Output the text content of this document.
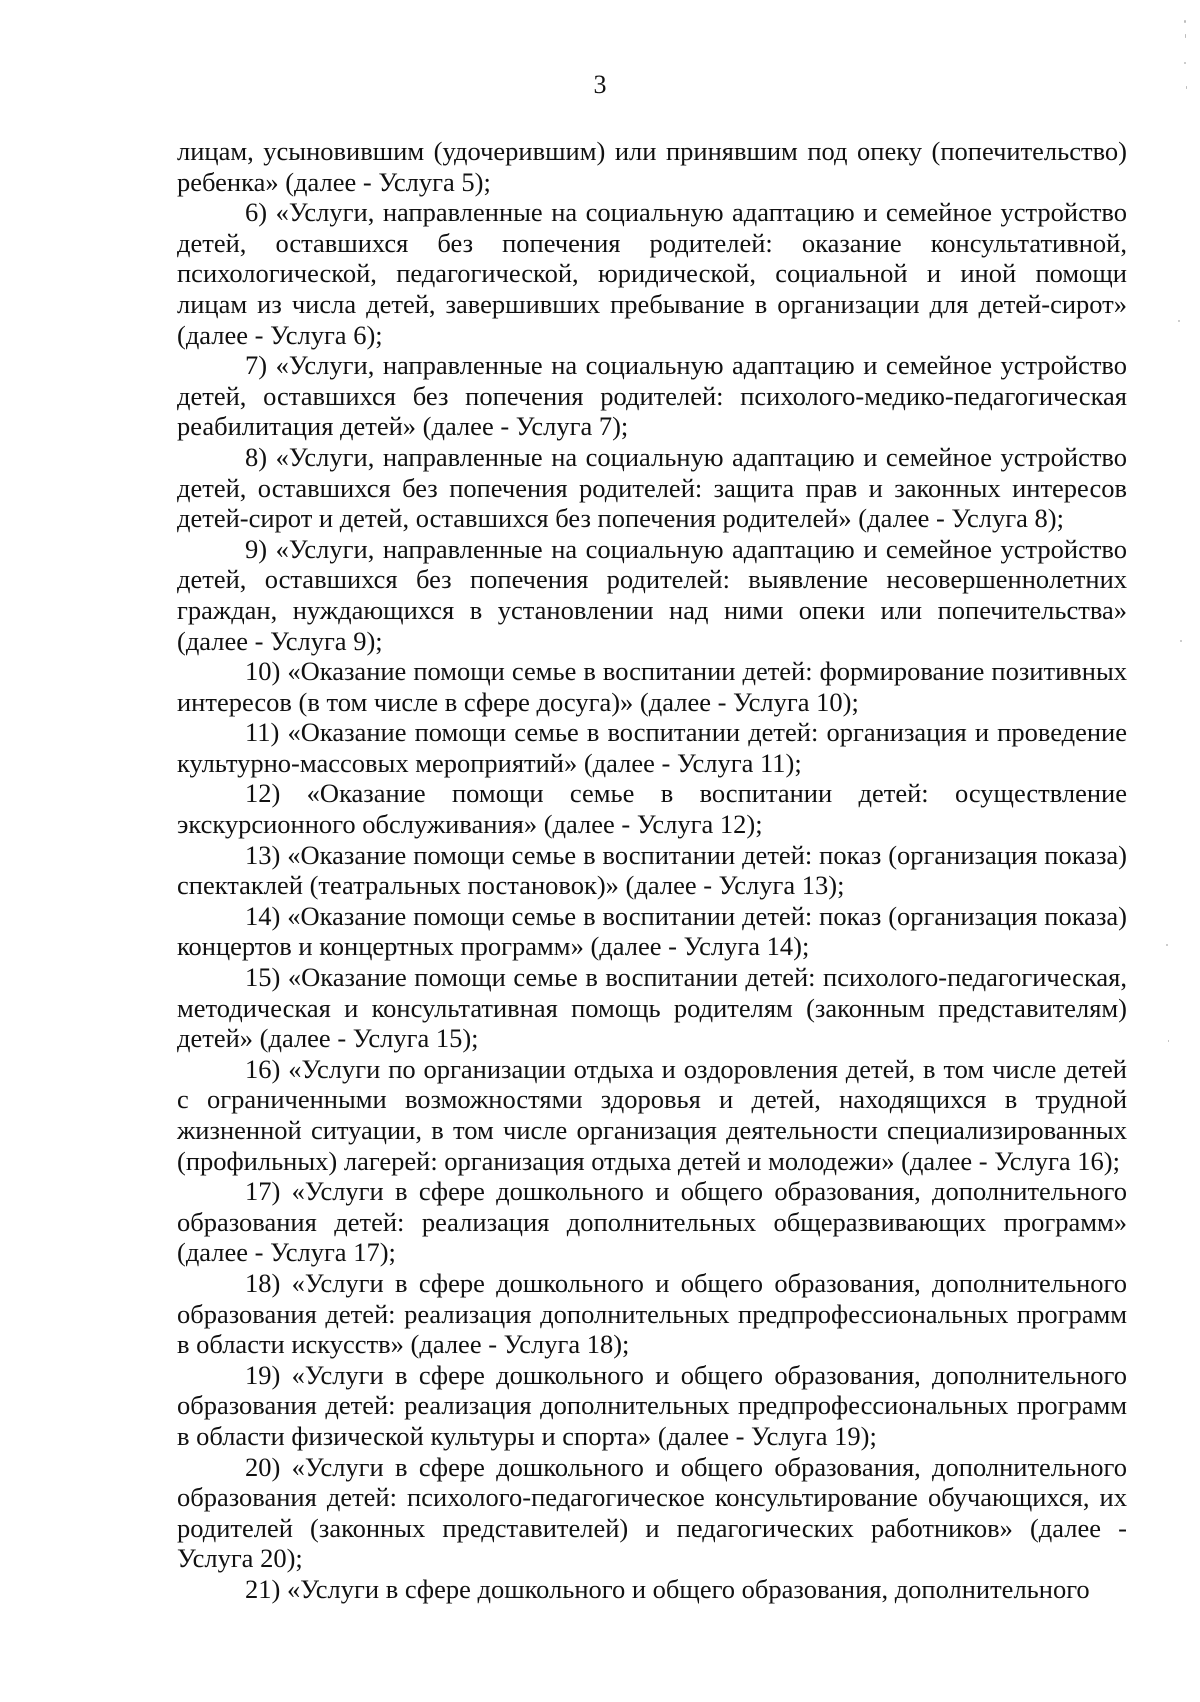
3

лицам, усыновившим (удочерившим) или принявшим под опеку (попечительство) ребенка» (далее - Услуга 5);

6) «Услуги, направленные на социальную адаптацию и семейное устройство детей, оставшихся без попечения родителей: оказание консультативной, психологической, педагогической, юридической, социальной и иной помощи лицам из числа детей, завершивших пребывание в организации для детей-сирот» (далее - Услуга 6);

7) «Услуги, направленные на социальную адаптацию и семейное устройство детей, оставшихся без попечения родителей: психолого-медико-педагогическая реабилитация детей» (далее - Услуга 7);

8) «Услуги, направленные на социальную адаптацию и семейное устройство детей, оставшихся без попечения родителей: защита прав и законных интересов детей-сирот и детей, оставшихся без попечения родителей» (далее - Услуга 8);

9) «Услуги, направленные на социальную адаптацию и семейное устройство детей, оставшихся без попечения родителей: выявление несовершеннолетних граждан, нуждающихся в установлении над ними опеки или попечительства» (далее - Услуга 9);

10) «Оказание помощи семье в воспитании детей: формирование позитивных интересов (в том числе в сфере досуга)» (далее - Услуга 10);

11) «Оказание помощи семье в воспитании детей: организация и проведение культурно-массовых мероприятий» (далее - Услуга 11);

12) «Оказание помощи семье в воспитании детей: осуществление экскурсионного обслуживания» (далее - Услуга 12);

13) «Оказание помощи семье в воспитании детей: показ (организация показа) спектаклей (театральных постановок)» (далее - Услуга 13);

14) «Оказание помощи семье в воспитании детей: показ (организация показа) концертов и концертных программ» (далее - Услуга 14);

15) «Оказание помощи семье в воспитании детей: психолого-педагогическая, методическая и консультативная помощь родителям (законным представителям) детей» (далее - Услуга 15);

16) «Услуги по организации отдыха и оздоровления детей, в том числе детей с ограниченными возможностями здоровья и детей, находящихся в трудной жизненной ситуации, в том числе организация деятельности специализированных (профильных) лагерей: организация отдыха детей и молодежи» (далее - Услуга 16);

17) «Услуги в сфере дошкольного и общего образования, дополнительного образования детей: реализация дополнительных общеразвивающих программ» (далее - Услуга 17);

18) «Услуги в сфере дошкольного и общего образования, дополнительного образования детей: реализация дополнительных предпрофессиональных программ в области искусств» (далее - Услуга 18);

19) «Услуги в сфере дошкольного и общего образования, дополнительного образования детей: реализация дополнительных предпрофессиональных программ в области физической культуры и спорта» (далее - Услуга 19);

20) «Услуги в сфере дошкольного и общего образования, дополнительного образования детей: психолого-педагогическое консультирование обучающихся, их родителей (законных представителей) и педагогических работников» (далее - Услуга 20);

21) «Услуги в сфере дошкольного и общего образования, дополнительного
